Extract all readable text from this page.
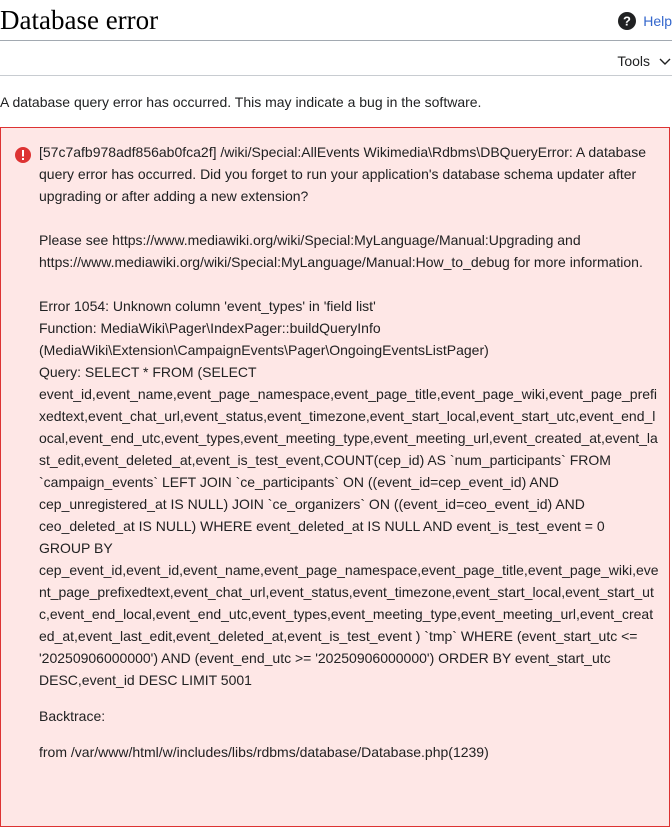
Database error	? Help
Tools

A database query error has occurred. This may indicate a bug in the software.

[57c7afb978adf856ab0fca2f] /wiki/Special:AllEvents Wikimedia\Rdbms\DBQueryError: A database query error has occurred. Did you forget to run your application's database schema updater after upgrading or after adding a new extension?

Please see https://www.mediawiki.org/wiki/Special:MyLanguage/Manual:Upgrading and https://www.mediawiki.org/wiki/Special:MyLanguage/Manual:How_to_debug for more information.

Error 1054: Unknown column 'event_types' in 'field list'

Function: MediaWiki\Pager\IndexPager::buildQueryInfo (MediaWiki\Extension\CampaignEvents\Pager\OngoingEventsListPager)

Query: SELECT * FROM (SELECT event_id,event_name,event_page_namespace,event_page_title,event_page_wiki,event_page_prefixedtext,event_chat_url,event_status,event_timezone,event_start_local,event_start_utc,event_end_local,event_end_utc,event_types,event_meeting_type,event_meeting_url,event_created_at,event_last_edit,event_deleted_at,event_is_test_event,COUNT(cep_id) AS `num_participants` FROM `campaign_events` LEFT JOIN `ce_participants` ON ((event_id=cep_event_id) AND cep_unregistered_at IS NULL) JOIN `ce_organizers` ON ((event_id=ceo_event_id) AND ceo_deleted_at IS NULL) WHERE event_deleted_at IS NULL AND event_is_test_event = 0 GROUP BY cep_event_id,event_id,event_name,event_page_namespace,event_page_title,event_page_wiki,event_page_prefixedtext,event_chat_url,event_status,event_timezone,event_start_local,event_start_utc,event_end_local,event_end_utc,event_types,event_meeting_type,event_meeting_url,event_created_at,event_last_edit,event_deleted_at,event_is_test_event ) `tmp` WHERE (event_start_utc <= '20250906000000') AND (event_end_utc >= '20250906000000') ORDER BY event_start_utc DESC,event_id DESC LIMIT 5001

Backtrace:

from /var/www/html/w/includes/libs/rdbms/database/Database.php(1239)
